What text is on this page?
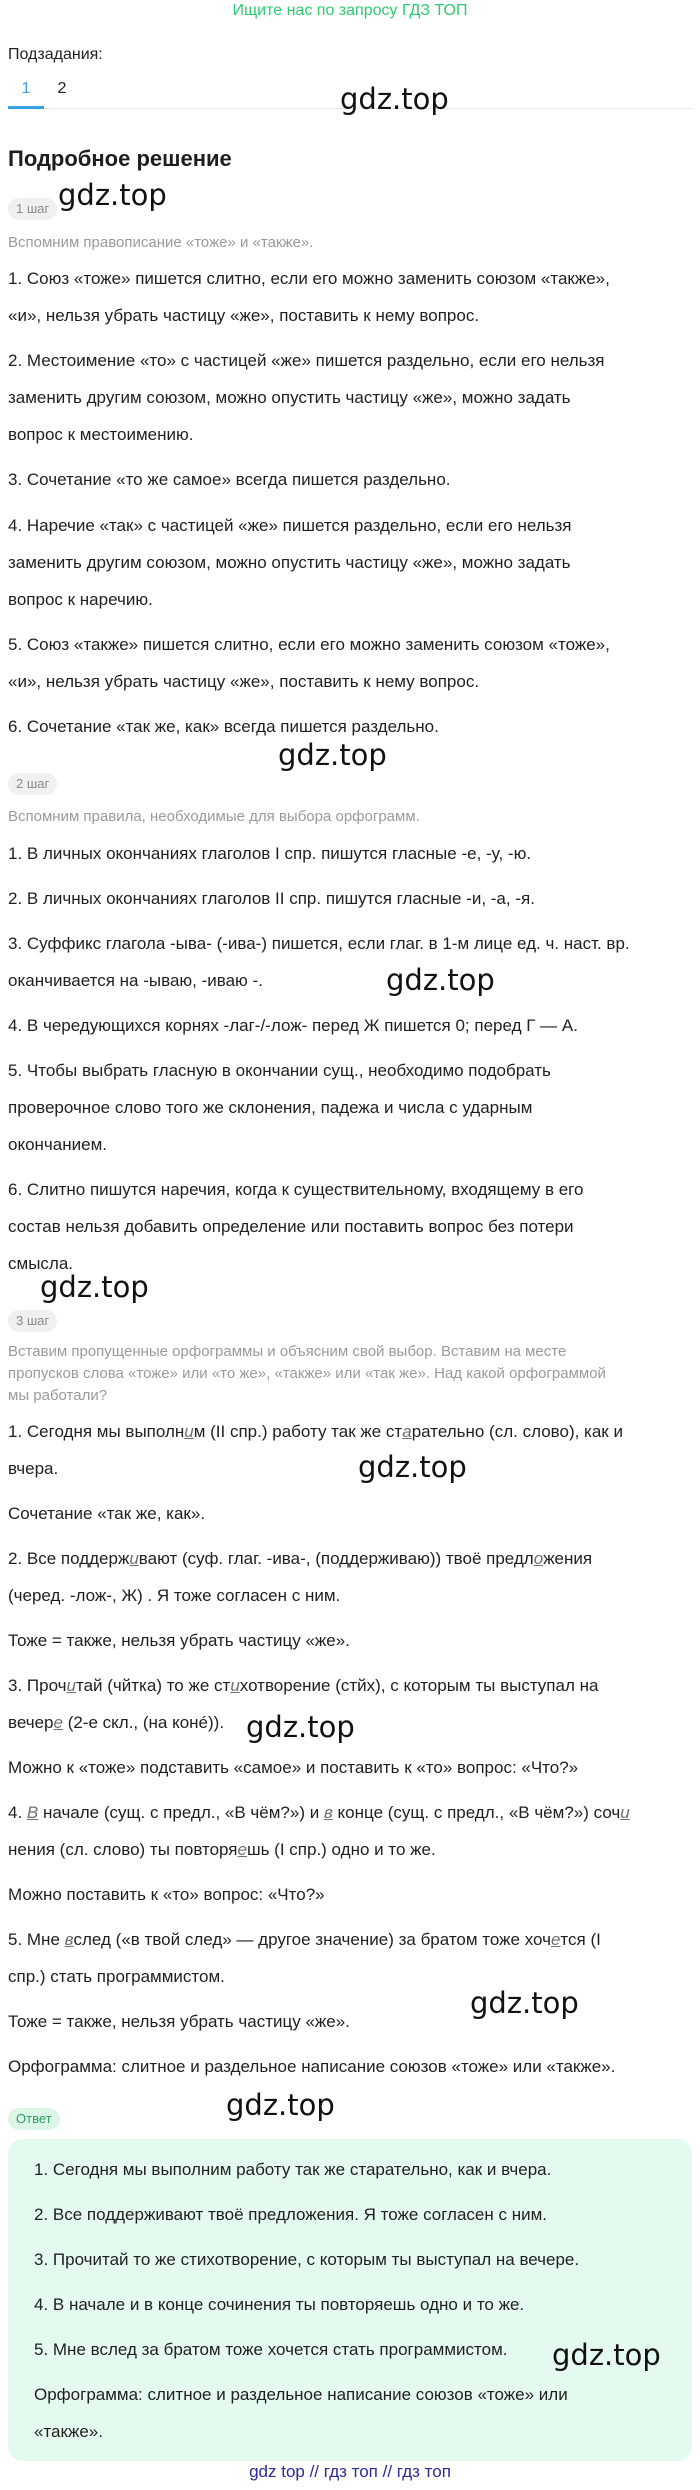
Ищите нас по запросу ГДЗ ТОП
Подзадания:
1	2	gdz.top
Подробное решение
1 шаг gdz.top
Вспомним правописание «тоже» и «также».
1. Союз «тоже» пишется слитно, если его можно заменить союзом «также»,
«и», нельзя убрать частицу «же», поставить к нему вопрос.
2. Местоимение «то» с частицей «же» пишется раздельно, если его нельзя
заменить другим союзом, можно опустить частицу «же», можно задать
вопрос к местоимению.
3. Сочетание «то же самое» всегда пишется раздельно.
4. Наречие «так» с частицей «же» пишется раздельно, если его нельзя
заменить другим союзом, можно опустить частицу «же», можно задать
вопрос к наречию.
5. Союз «также» пишется слитно, если его можно заменить союзом «тоже»,
«и», нельзя убрать частицу «же», поставить к нему вопрос.
6. Сочетание «так же, как» всегда пишется раздельно.
gdz.top
2 шаг
Вспомним правила, необходимые для выбора орфограмм.
1. В личных окончаниях глаголов I спр. пишутся гласные -е, -у, -ю.
2. В личных окончаниях глаголов II спр. пишутся гласные -и, -а, -я.
3. Суффикс глагола -ыва- (-ива-) пишется, если глаг. в 1-м лице ед. ч. наст. вр.
оканчивается на -ываю, -иваю -.	gdz.top
4. В чередующихся корнях -лаг-/-лож- перед Ж пишется 0; перед Г — А.
5. Чтобы выбрать гласную в окончании сущ., необходимо подобрать
проверочное слово того же склонения, падежа и числа с ударным
окончанием.
6. Слитно пишутся наречия, когда к существительному, входящему в его
состав нельзя добавить определение или поставить вопрос без потери
смысла.
gdz.top
3 шаг
Вставим пропущенные орфограммы и объясним свой выбор. Вставим на месте
пропусков слова «тоже» или «то же», «также» или «так же». Над какой орфограммой
мы работали?
1. Сегодня мы выполним (II спр.) работу так же старательно (сл. слово), как и
вчера.	gdz.top
Сочетание «так же, как».
2. Все поддерживают (суф. глаг. -ива-, (поддерживаю)) твоё предложения
(черед. -лож-, Ж) . Я тоже согласен с ним.
Тоже = также, нельзя убрать частицу «же».
3. Прочитай (чйтка) то же стихотворение (стйх), с которым ты выступал на
вечере (2-е скл., (на конé)). gdz.top
Можно к «тоже» подставить «самое» и поставить к «то» вопрос: «Что?»
4. В начале (сущ. с предл., «В чём?») и в конце (сущ. с предл., «В чём?») сочи
нения (сл. слово) ты повторяешь (I спр.) одно и то же.
Можно поставить к «то» вопрос: «Что?»
5. Мне вслед («в твой след» — другое значение) за братом тоже хочется (I
спр.) стать программистом.
gdz.top
Тоже = также, нельзя убрать частицу «же».
Орфограмма: слитное и раздельное написание союзов «тоже» или «также».
Ответ	gdz.top
1. Сегодня мы выполним работу так же старательно, как и вчера.
2. Все поддерживают твоё предложения. Я тоже согласен с ним.
3. Прочитай то же стихотворение, с которым ты выступал на вечере.
4. В начале и в конце сочинения ты повторяешь одно и то же.
5. Мне вслед за братом тоже хочется стать программистом.
Орфограмма: слитное и раздельное написание союзов «тоже» или
«также».
gdz.top
gdz top // гдз топ // гдз топ
